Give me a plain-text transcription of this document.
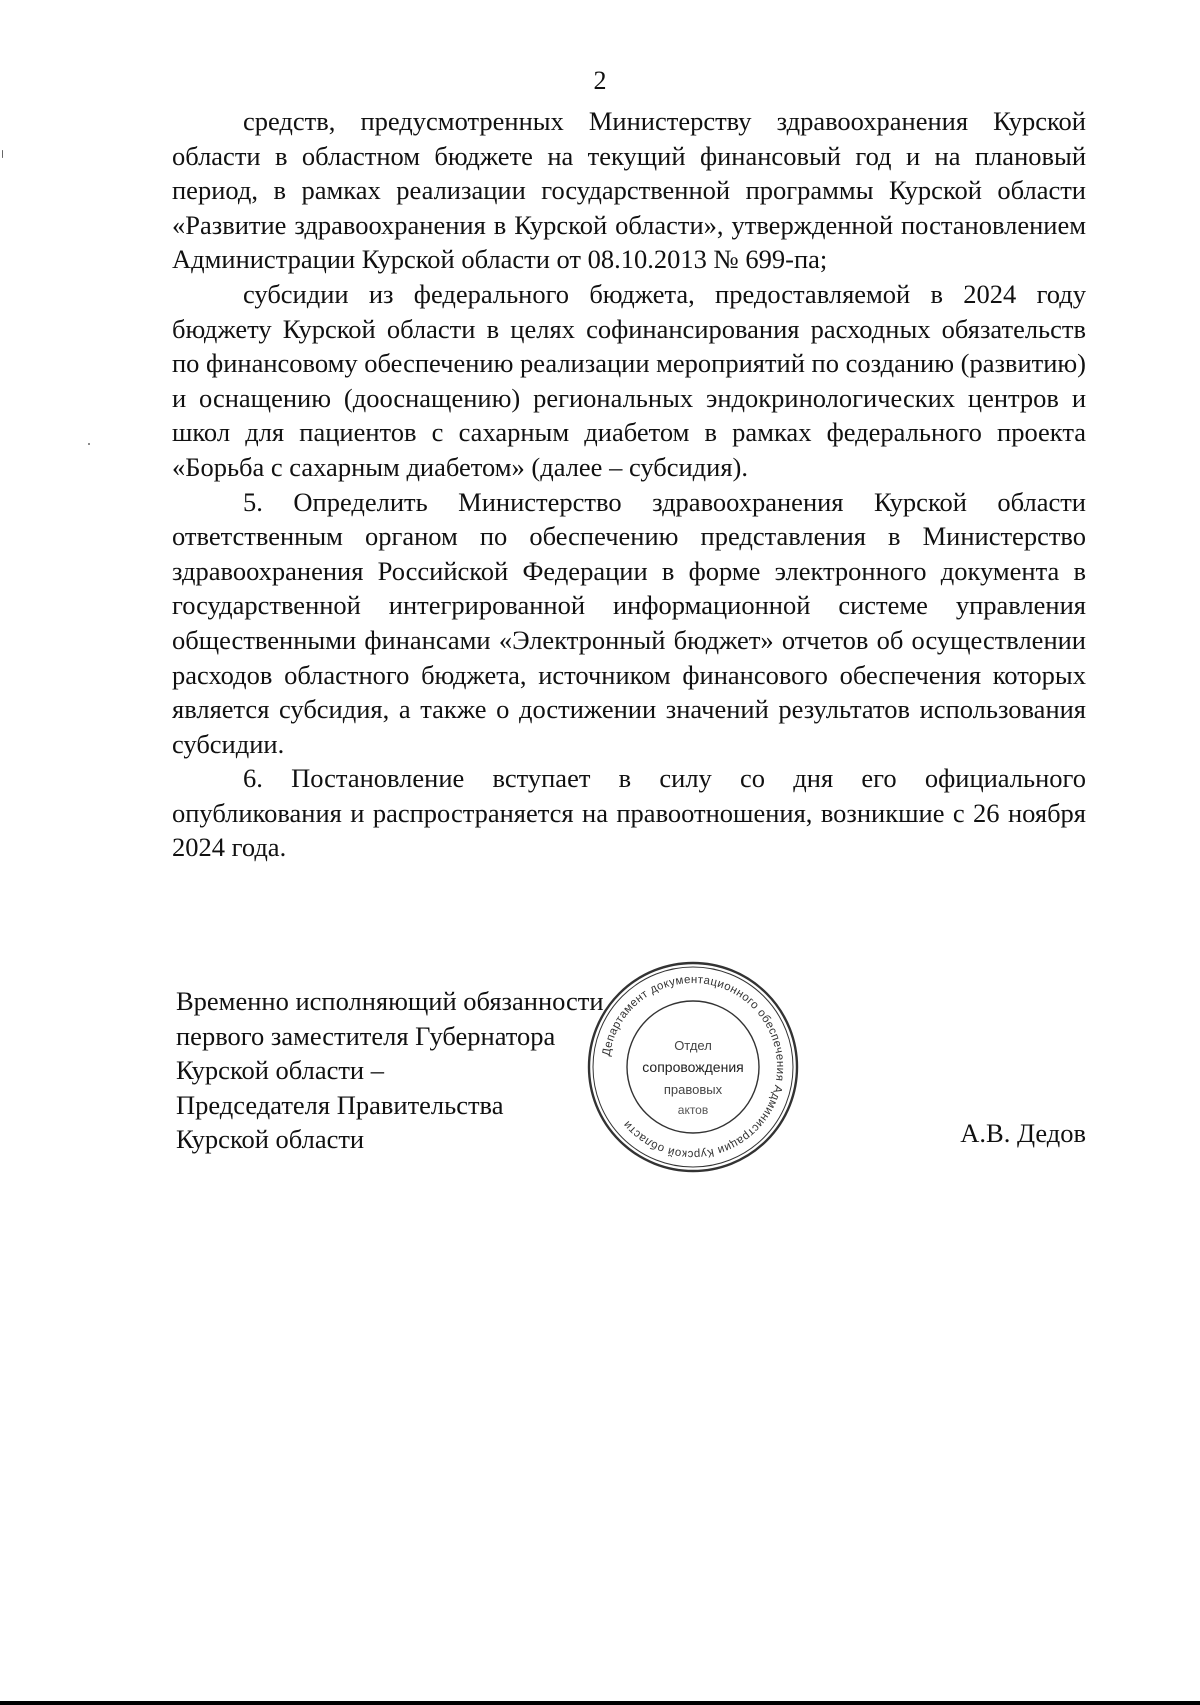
2

средств, предусмотренных Министерству здравоохранения Курской области в областном бюджете на текущий финансовый год и на плановый период, в рамках реализации государственной программы Курской области «Развитие здравоохранения в Курской области», утвержденной постановлением Администрации Курской области от 08.10.2013 № 699-па;

субсидии из федерального бюджета, предоставляемой в 2024 году бюджету Курской области в целях софинансирования расходных обязательств по финансовому обеспечению реализации мероприятий по созданию (развитию) и оснащению (дооснащению) региональных эндокринологических центров и школ для пациентов с сахарным диабетом в рамках федерального проекта «Борьба с сахарным диабетом» (далее – субсидия).

5. Определить Министерство здравоохранения Курской области ответственным органом по обеспечению представления в Министерство здравоохранения Российской Федерации в форме электронного документа в государственной интегрированной информационной системе управления общественными финансами «Электронный бюджет» отчетов об осуществлении расходов областного бюджета, источником финансового обеспечения которых является субсидия, а также о достижении значений результатов использования субсидии.

6. Постановление вступает в силу со дня его официального опубликования и распространяется на правоотношения, возникшие с 26 ноября 2024 года.

Временно исполняющий обязанности
первого заместителя Губернатора
Курской области –
Председателя Правительства
Курской области	А.В. Дедов
Департамент документационного обеспечения Администрации Курской области
Отдел
сопровождения
правовых
актов
